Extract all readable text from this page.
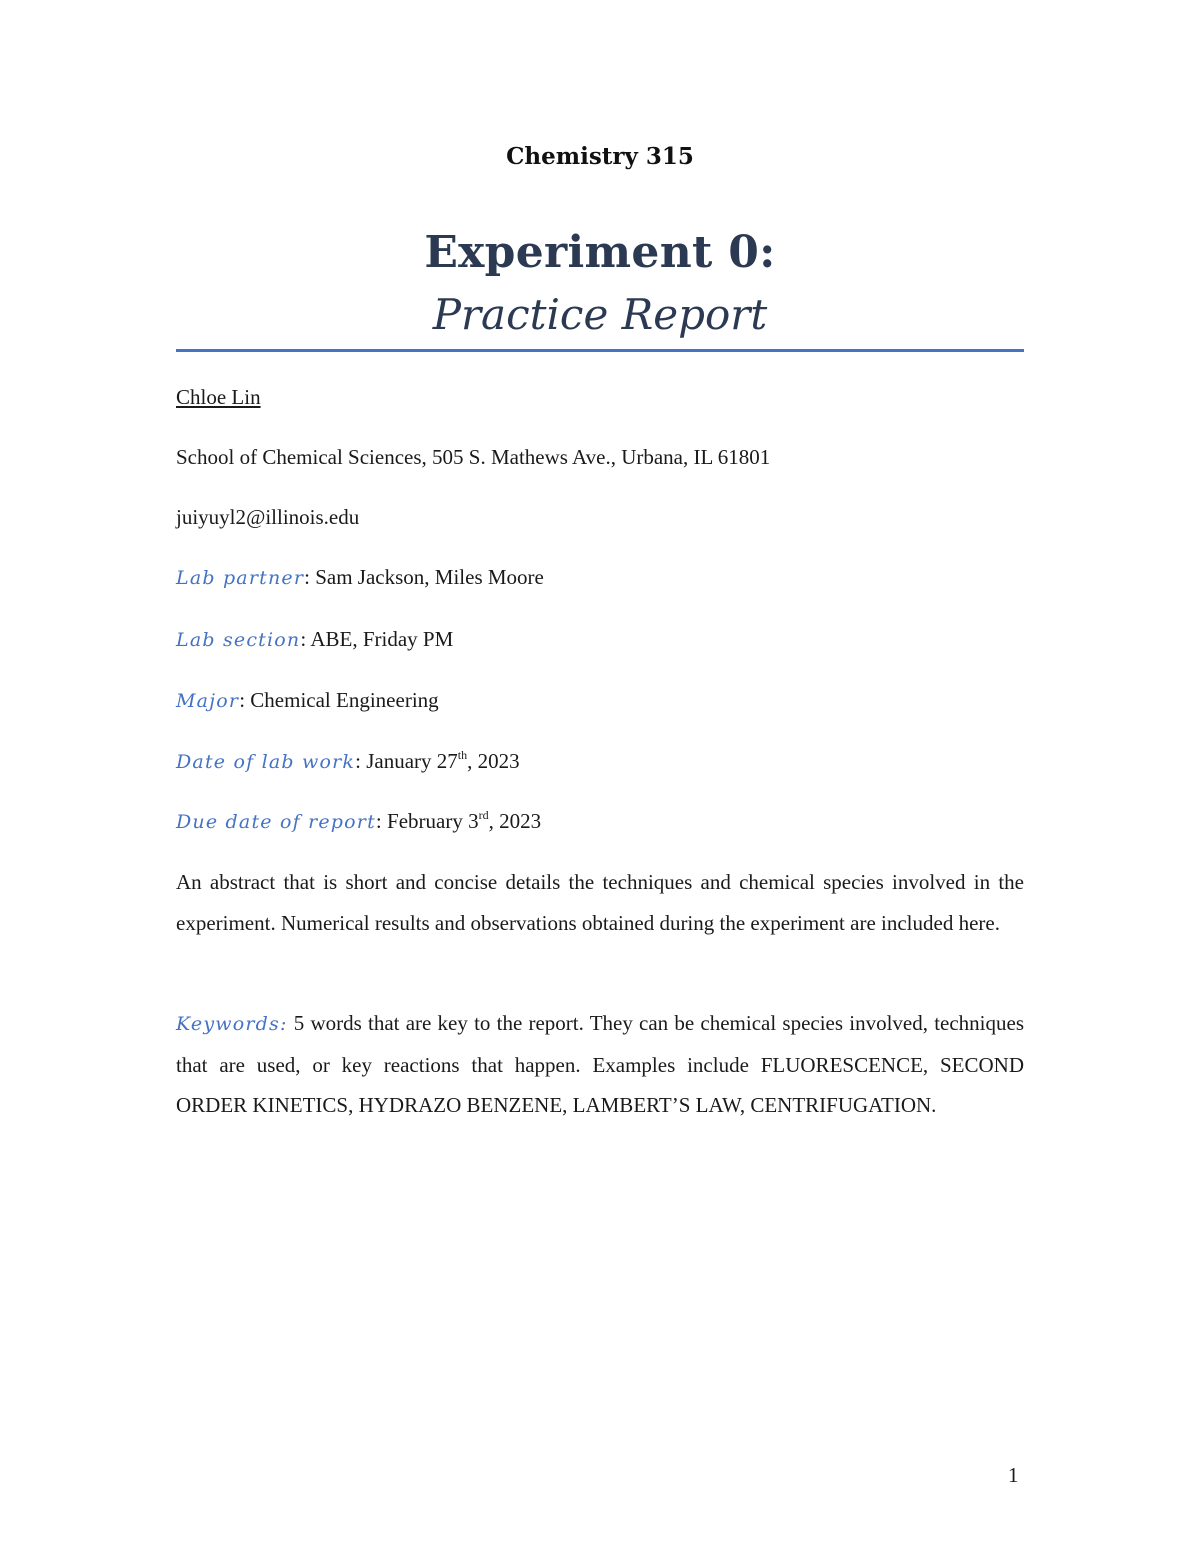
Chemistry 315
Experiment 0:
Practice Report
Chloe Lin
School of Chemical Sciences, 505 S. Mathews Ave., Urbana, IL 61801
juiyuyl2@illinois.edu
Lab partner: Sam Jackson, Miles Moore
Lab section: ABE, Friday PM
Major: Chemical Engineering
Date of lab work: January 27th, 2023
Due date of report: February 3rd, 2023
An abstract that is short and concise details the techniques and chemical species involved in the experiment. Numerical results and observations obtained during the experiment are included here.
Keywords: 5 words that are key to the report. They can be chemical species involved, techniques that are used, or key reactions that happen. Examples include FLUORESCENCE, SECOND ORDER KINETICS, HYDRAZO BENZENE, LAMBERT’S LAW, CENTRIFUGATION.
1
